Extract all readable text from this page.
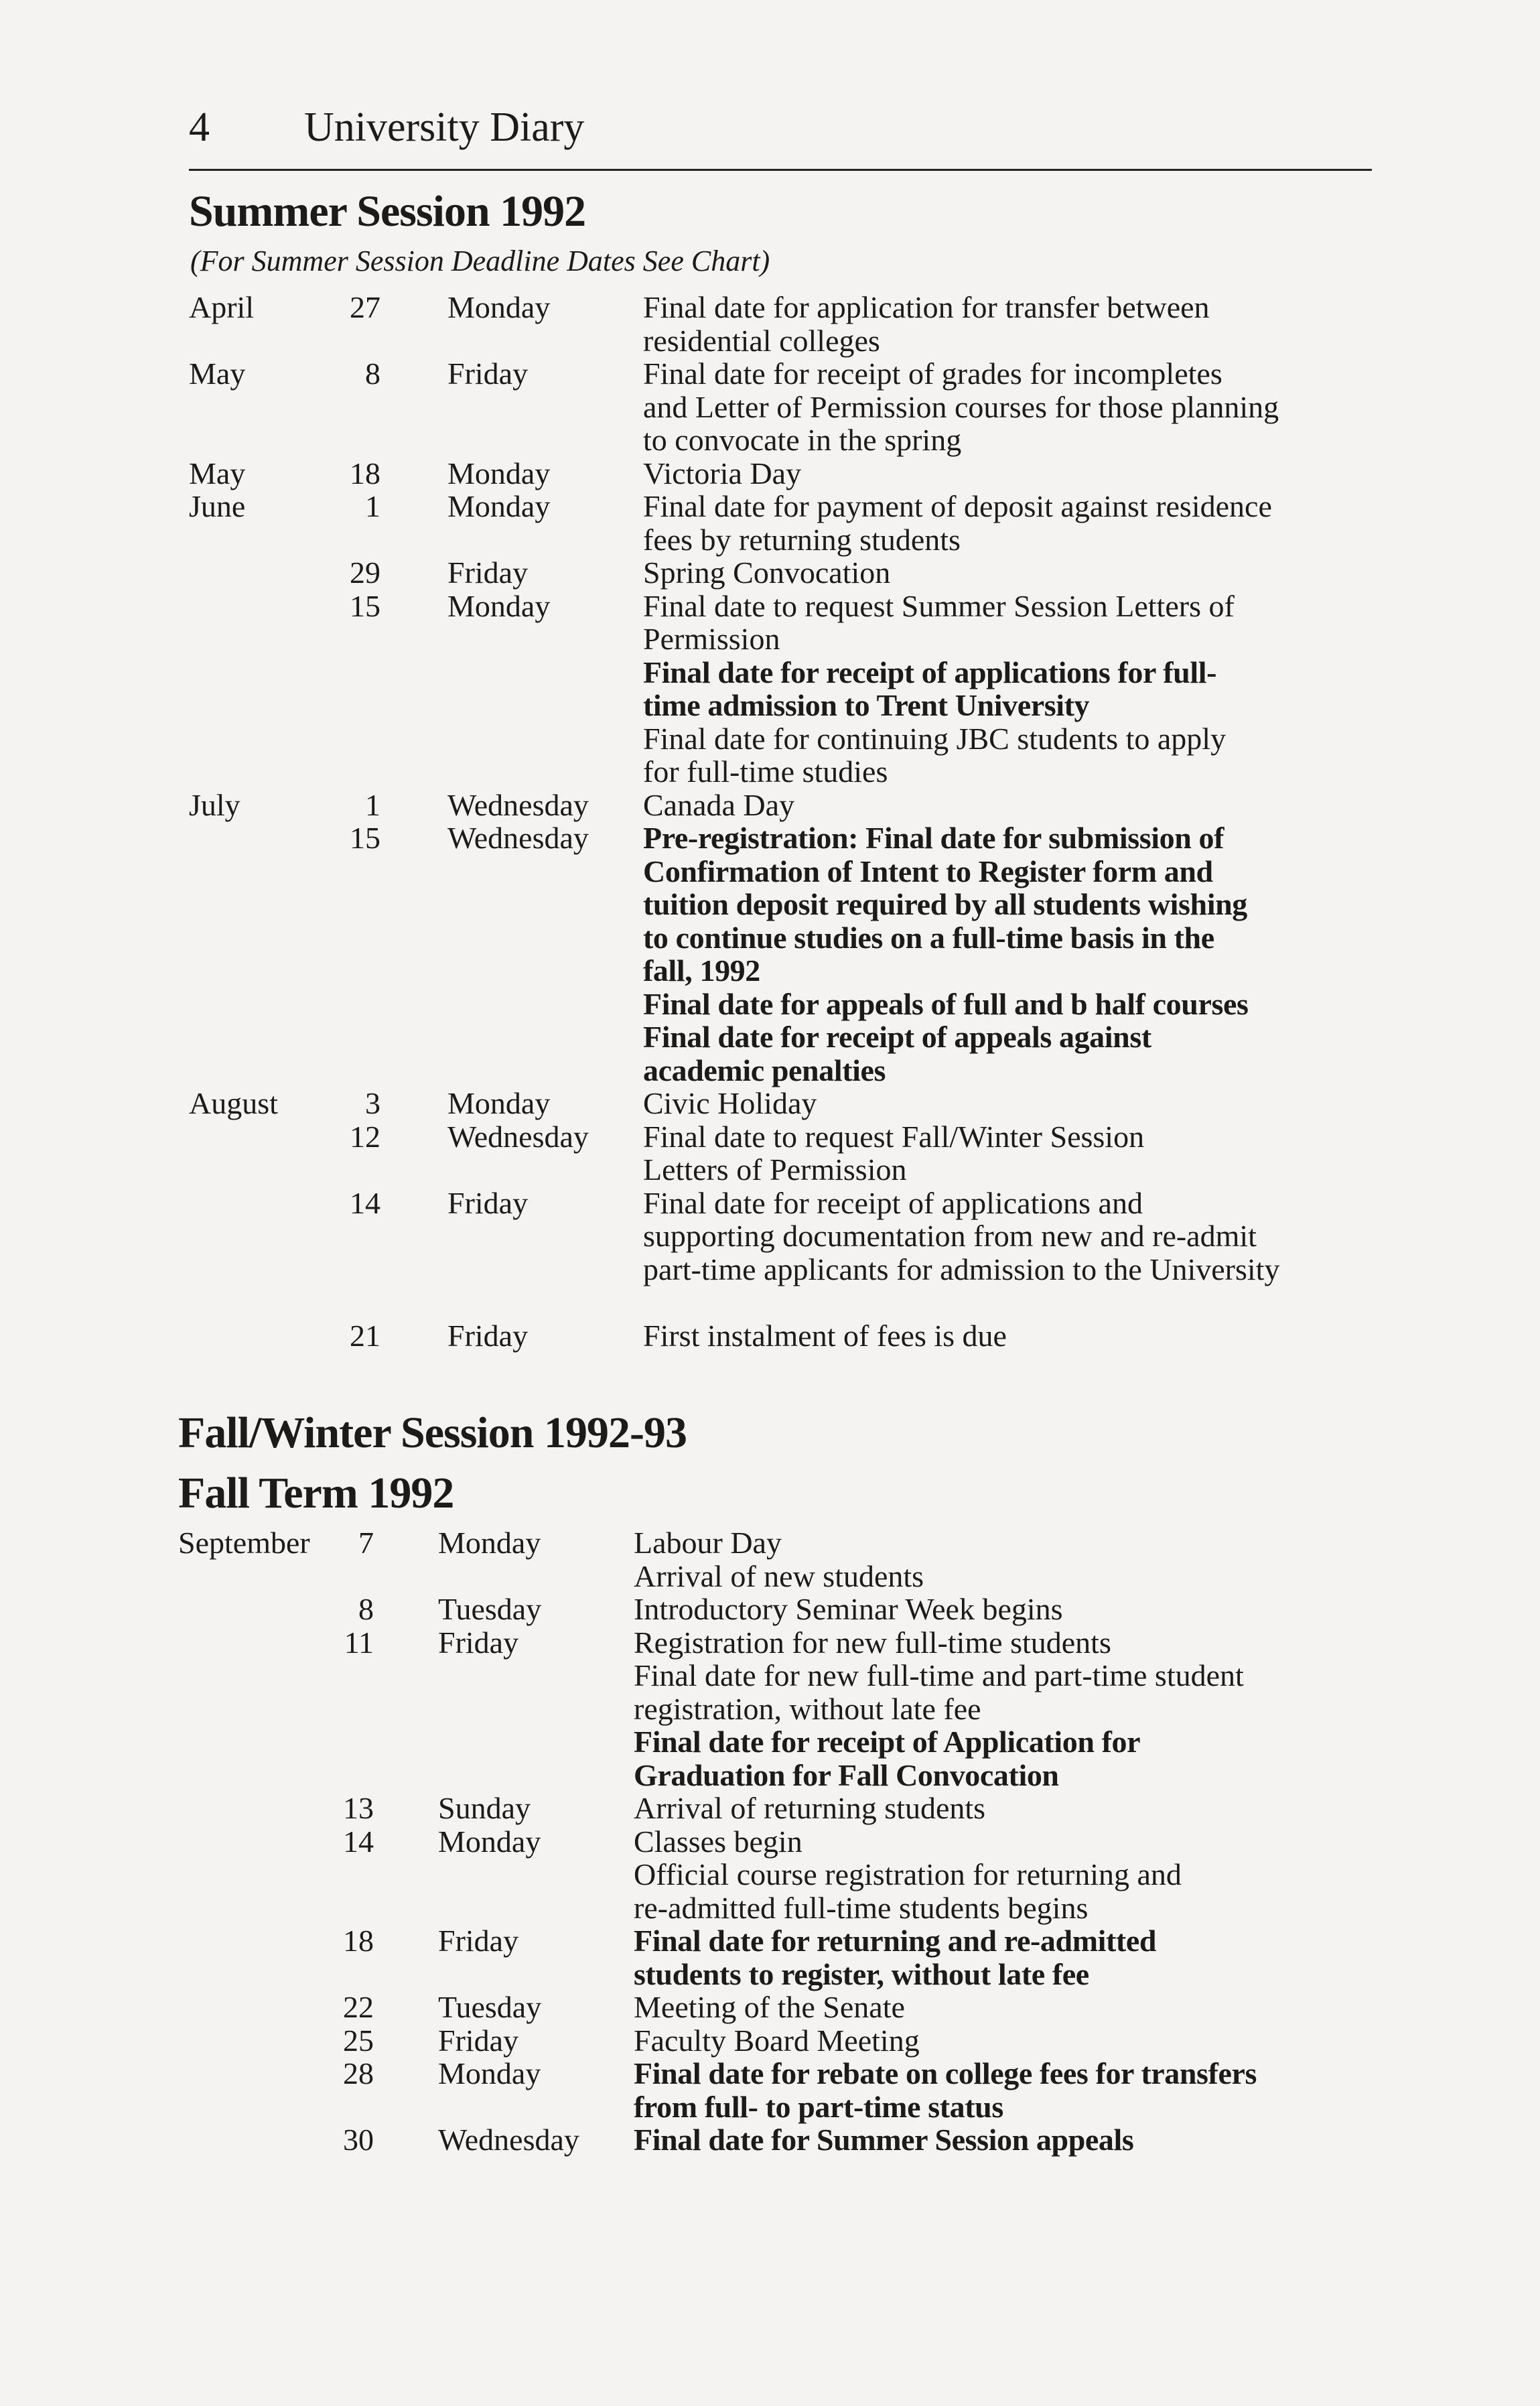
4 University Diary
Summer Session 1992
(For Summer Session Deadline Dates See Chart)
April	27 Monday	Final date for application for transfer between
residential colleges
May	8 Friday	Final date for receipt of grades for incompletes
and Letter of Permission courses for those planning
to convocate in the spring
May	18 Monday	Victoria Day
June	1 Monday	Final date for payment of deposit against residence
fees by returning students
29 Friday	Spring Convocation
15 Monday	Final date to request Summer Session Letters of
Permission
Final date for receipt of applications for full-
time admission to Trent University
Final date for continuing JBC students to apply
for full-time studies
July	1 Wednesday Canada Day
15 Wednesday Pre-registration: Final date for submission of
Confirmation of Intent to Register form and
tuition deposit required by all students wishing
to continue studies on a full-time basis in the
fall, 1992
Final date for appeals of full and b half courses
Final date for receipt of appeals against
academic penalties
August	3 Monday	Civic Holiday
12 Wednesday Final date to request Fall/Winter Session
Letters of Permission
14 Friday	Final date for receipt of applications and
supporting documentation from new and re-admit
part-time applicants for admission to the University
21 Friday	First instalment of fees is due
Fall/Winter Session 1992-93
Fall Term 1992
September	7 Monday	Labour Day
Arrival of new students
8 Tuesday	Introductory Seminar Week begins
11 Friday	Registration for new full-time students
Final date for new full-time and part-time student
registration, without late fee
Final date for receipt of Application for
Graduation for Fall Convocation
13 Sunday	Arrival of returning students
14 Monday	Classes begin
Official course registration for returning and
re-admitted full-time students begins
18 Friday	Final date for returning and re-admitted
students to register, without late fee
22 Tuesday	Meeting of the Senate
25 Friday	Faculty Board Meeting
28 Monday	Final date for rebate on college fees for transfers
from full- to part-time status
30 Wednesday Final date for Summer Session appeals
